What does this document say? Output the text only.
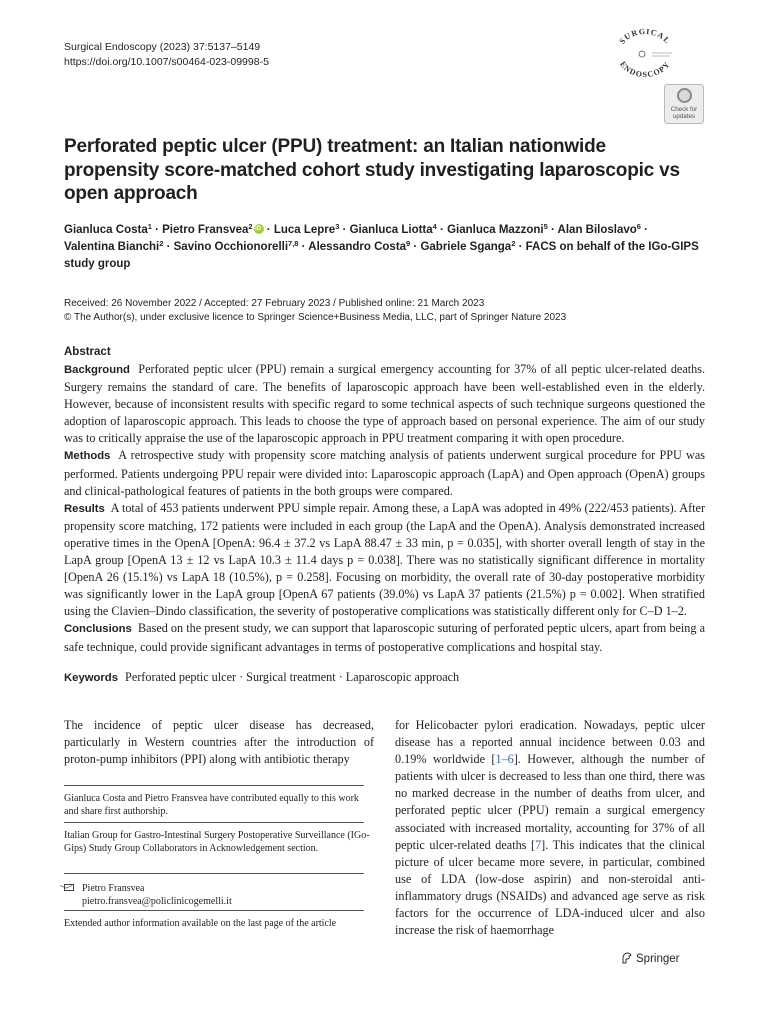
Surgical Endoscopy (2023) 37:5137–5149
https://doi.org/10.1007/s00464-023-09998-5
SURGICAL
ENDOSCOPY
Check for updates
Perforated peptic ulcer (PPU) treatment: an Italian nationwide propensity score-matched cohort study investigating laparoscopic vs open approach
Gianluca Costa$^1$ · Pietro Fransvea$^2$iD · Luca Lepre$^3$ · Gianluca Liotta$^4$ · Gianluca Mazzoni$^5$ · Alan Biloslavo$^6$ ·
Valentina Bianchi$^2$ · Savino Occhionorelli$^{7,8}$ · Alessandro Costa$^9$ · Gabriele Sganga$^2$ · FACS on behalf of the IGo-GIPS study group
Received: 26 November 2022 / Accepted: 27 February 2023 / Published online: 21 March 2023
© The Author(s), under exclusive licence to Springer Science+Business Media, LLC, part of Springer Nature 2023
Abstract

Background Perforated peptic ulcer (PPU) remain a surgical emergency accounting for 37% of all peptic ulcer-related deaths. Surgery remains the standard of care. The benefits of laparoscopic approach have been well-established even in the elderly. However, because of inconsistent results with specific regard to some technical aspects of such technique surgeons questioned the adoption of laparoscopic approach. This leads to choose the type of approach based on personal experience. The aim of our study was to critically appraise the use of the laparoscopic approach in PPU treatment comparing it with open procedure.

Methods A retrospective study with propensity score matching analysis of patients underwent surgical procedure for PPU was performed. Patients undergoing PPU repair were divided into: Laparoscopic approach (LapA) and Open approach (OpenA) groups and clinical-pathological features of patients in the both groups were compared.

Results A total of 453 patients underwent PPU simple repair. Among these, a LapA was adopted in 49% (222/453 patients). After propensity score matching, 172 patients were included in each group (the LapA and the OpenA). Analysis demonstrated increased operative times in the OpenA [OpenA: 96.4 ± 37.2 vs LapA 88.47 ± 33 min, p = 0.035], with shorter overall length of stay in the LapA group [OpenA 13 ± 12 vs LapA 10.3 ± 11.4 days p = 0.038]. There was no statistically significant difference in mortality [OpenA 26 (15.1%) vs LapA 18 (10.5%), p = 0.258]. Focusing on morbidity, the overall rate of 30-day postoperative morbidity was significantly lower in the LapA group [OpenA 67 patients (39.0%) vs LapA 37 patients (21.5%) p = 0.002]. When stratified using the Clavien–Dindo classification, the severity of postoperative complications was statistically different only for C–D 1–2.

Conclusions Based on the present study, we can support that laparoscopic suturing of perforated peptic ulcers, apart from being a safe technique, could provide significant advantages in terms of postoperative complications and hospital stay.

Keywords Perforated peptic ulcer · Surgical treatment · Laparoscopic approach
The incidence of peptic ulcer disease has decreased, particularly in Western countries after the introduction of proton-pump inhibitors (PPI) along with antibiotic therapy
Gianluca Costa and Pietro Fransvea have contributed equally to this work and share first authorship.
Italian Group for Gastro-Intestinal Surgery Postoperative Surveillance (IGo-Gips) Study Group Collaborators in Acknowledgement section.
Pietro Fransvea
pietro.fransvea@policlinicogemelli.it
Extended author information available on the last page of the article
for Helicobacter pylori eradication. Nowadays, peptic ulcer disease has a reported annual incidence between 0.03 and 0.19% worldwide [1–6]. However, although the number of patients with ulcer is decreased to less than one third, there was no marked decrease in the number of deaths from ulcer, and perforated peptic ulcer (PPU) remain a surgical emergency associated with increased mortality, accounting for 37% of all peptic ulcer-related deaths [7]. This indicates that the clinical picture of ulcer became more severe, in particular, combined use of LDA (low-dose aspirin) and non-steroidal anti-inflammatory drugs (NSAIDs) and advanced age serve as risk factors for the occurrence of LDA-induced ulcer and also increase the risk of haemorrhage
Springer
